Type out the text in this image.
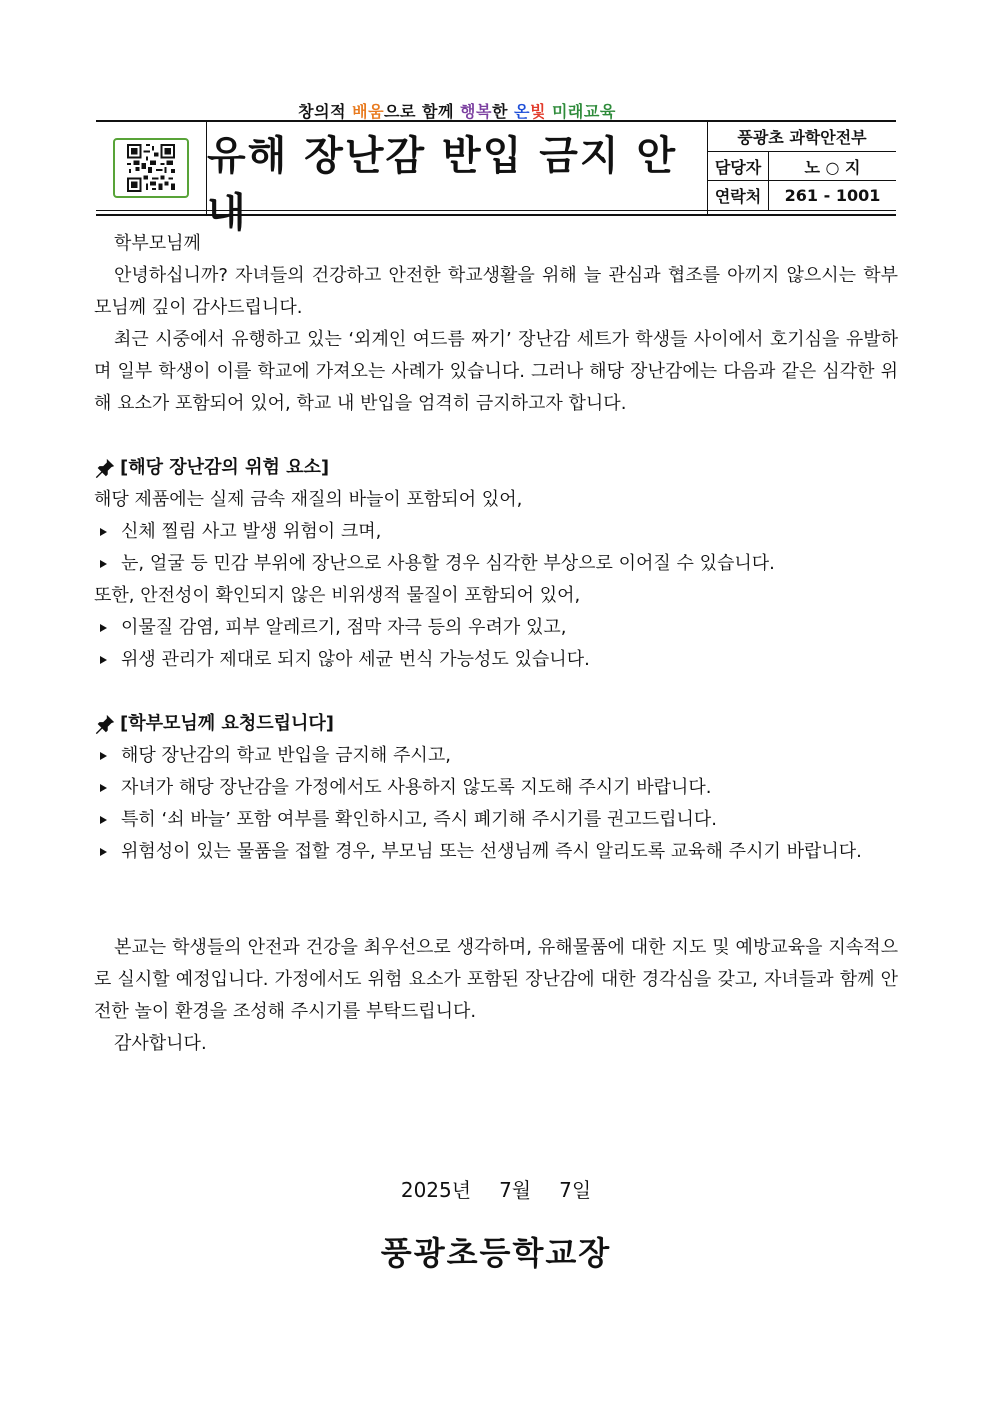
창의적 배움으로 함께 행복한 온빛 미래교육
유해 장난감 반입 금지 안내
풍광초 과학안전부
담당자	노 ○ 지
연락처	261 - 1001

학부모님께

안녕하십니까? 자녀들의 건강하고 안전한 학교생활을 위해 늘 관심과 협조를 아끼지 않으시는 학부모님께 깊이 감사드립니다.

최근 시중에서 유행하고 있는 ‘외계인 여드름 짜기’ 장난감 세트가 학생들 사이에서 호기심을 유발하며 일부 학생이 이를 학교에 가져오는 사례가 있습니다. 그러나 해당 장난감에는 다음과 같은 심각한 위해 요소가 포함되어 있어, 학교 내 반입을 엄격히 금지하고자 합니다.

[해당 장난감의 위험 요소]

해당 제품에는 실제 금속 재질의 바늘이 포함되어 있어,

신체 찔림 사고 발생 위험이 크며,
눈, 얼굴 등 민감 부위에 장난으로 사용할 경우 심각한 부상으로 이어질 수 있습니다.

또한, 안전성이 확인되지 않은 비위생적 물질이 포함되어 있어,

이물질 감염, 피부 알레르기, 점막 자극 등의 우려가 있고,
위생 관리가 제대로 되지 않아 세균 번식 가능성도 있습니다.
[학부모님께 요청드립니다]
해당 장난감의 학교 반입을 금지해 주시고,
자녀가 해당 장난감을 가정에서도 사용하지 않도록 지도해 주시기 바랍니다.
특히 ‘쇠 바늘’ 포함 여부를 확인하시고, 즉시 폐기해 주시기를 권고드립니다.
위험성이 있는 물품을 접할 경우, 부모님 또는 선생님께 즉시 알리도록 교육해 주시기 바랍니다.

본교는 학생들의 안전과 건강을 최우선으로 생각하며, 유해물품에 대한 지도 및 예방교육을 지속적으로 실시할 예정입니다. 가정에서도 위험 요소가 포함된 장난감에 대한 경각심을 갖고, 자녀들과 함께 안전한 놀이 환경을 조성해 주시기를 부탁드립니다.

감사합니다.

2025년 7월 7일
풍광초등학교장
